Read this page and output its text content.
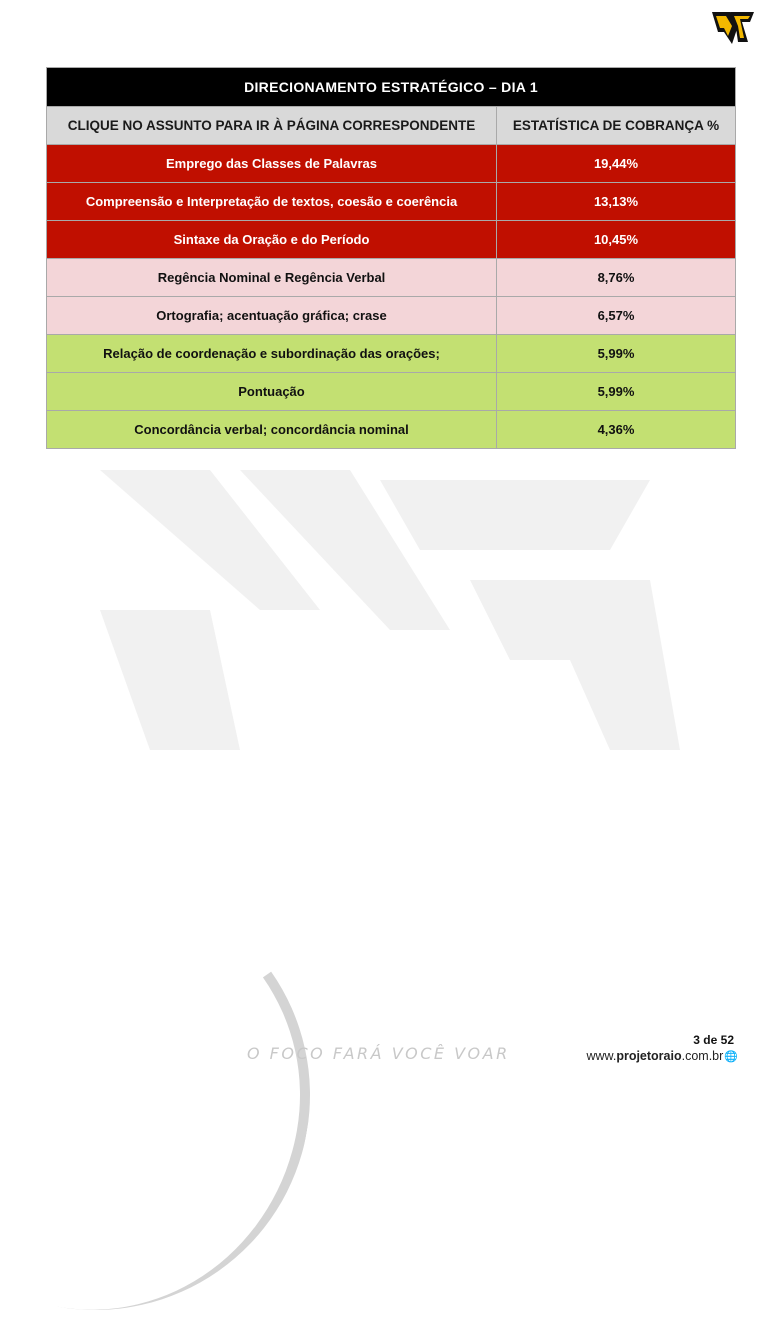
DIRECIONAMENTO ESTRATÉGICO – DIA 1	
CLIQUE NO ASSUNTO PARA IR À PÁGINA CORRESPONDENTE	ESTATÍSTICA DE COBRANÇA %
Emprego das Classes de Palavras	19,44%
Compreensão e Interpretação de textos, coesão e coerência	13,13%
Sintaxe da Oração e do Período	10,45%
Regência Nominal e Regência Verbal	8,76%
Ortografia; acentuação gráfica; crase	6,57%
Relação de coordenação e subordinação das orações;	5,99%
Pontuação	5,99%
Concordância verbal; concordância nominal	4,36%
3 de 52
O FOCO FARÁ VOCÊ VOAR	www.projetoraio.com.br🌐
